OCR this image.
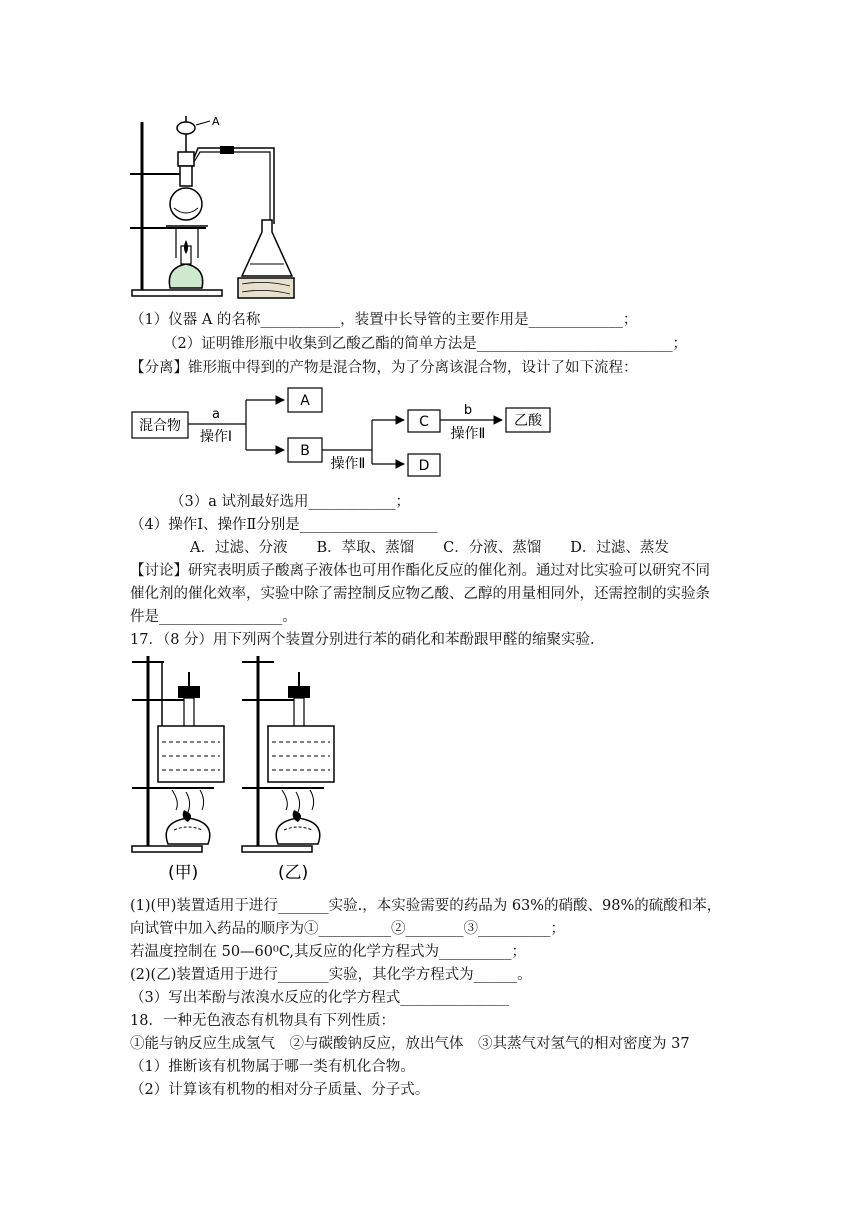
A
（1）仪器 A 的名称___________，装置中长导管的主要作用是_____________；
（2）证明锥形瓶中收集到乙酸乙酯的简单方法是___________________________；
【分离】锥形瓶中得到的产物是混合物，为了分离该混合物，设计了如下流程：
混合物
a
操作Ⅰ
A
B
操作Ⅱ
C
D
b
操作Ⅱ
乙酸
（3）a 试剂最好选用____________；
（4）操作Ⅰ、操作Ⅱ分别是___________________
A．过滤、分液　　B．萃取、蒸馏　　C．分液、蒸馏　　D．过滤、蒸发
【讨论】研究表明质子酸离子液体也可用作酯化反应的催化剂。通过对比实验可以研究不同
催化剂的催化效率，实验中除了需控制反应物乙酸、乙醇的用量相同外，还需控制的实验条
件是_________________。
17．（8 分）用下列两个装置分别进行苯的硝化和苯酚跟甲醛的缩聚实验.
(甲)	(乙)
(1)(甲)装置适用于进行_______实验.，本实验需要的药品为 63%的硝酸、98%的硫酸和苯，
向试管中加入药品的顺序为①__________②________③__________；
若温度控制在 50—60⁰C,其反应的化学方程式为__________；
(2)(乙)装置适用于进行_______实验，其化学方程式为______。
（3）写出苯酚与浓溴水反应的化学方程式_______________
18．一种无色液态有机物具有下列性质：
①能与钠反应生成氢气　②与碳酸钠反应，放出气体　③其蒸气对氢气的相对密度为 37
（1）推断该有机物属于哪一类有机化合物。
（2）计算该有机物的相对分子质量、分子式。
